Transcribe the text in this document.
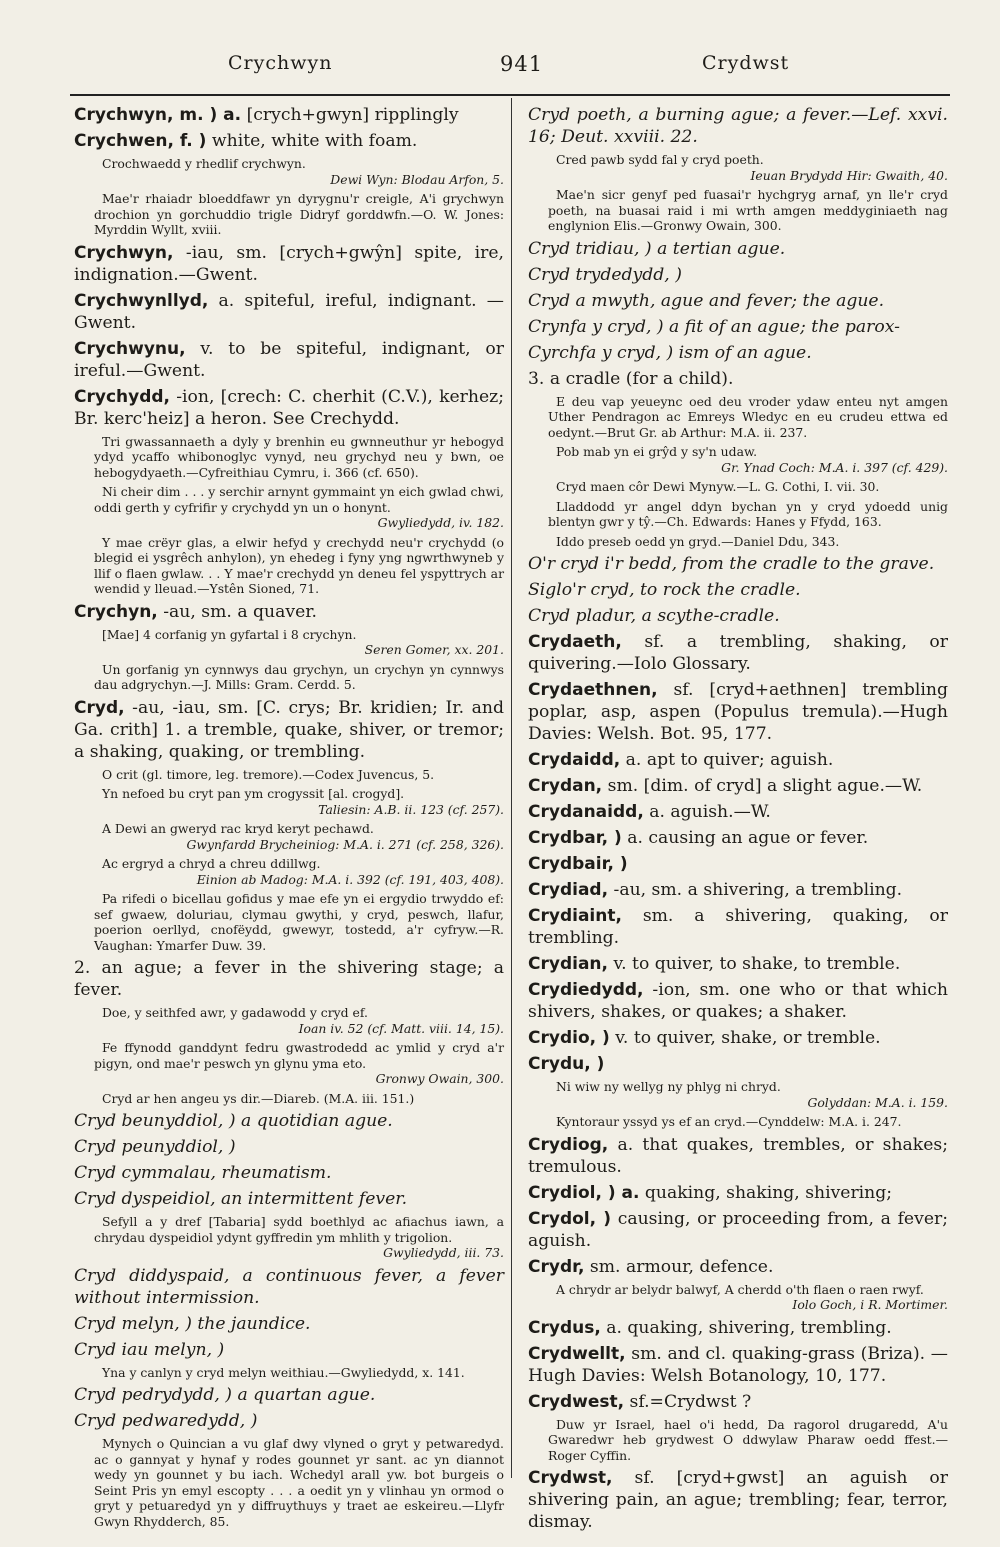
Crychwyn	941	Crydwst
Crychwyn, m. ) a. [crych+gwyn] ripplingly
Crychwen, f. ) white, white with foam.
Crochwaedd y rhedlif crychwyn.
Dewi Wyn: Blodau Arfon, 5.
Mae'r rhaiadr bloeddfawr yn dyrygnu'r creigle, A'i grychwyn drochion yn gorchuddio trigle Didryf gorddwfn.—O. W. Jones: Myrddin Wyllt, xviii.
Crychwyn, -iau, sm. [crych+gwŷn] spite, ire, indignation.—Gwent.
Crychwynllyd, a. spiteful, ireful, indignant. —Gwent.
Crychwynu, v. to be spiteful, indignant, or ireful.—Gwent.
Crychydd, -ion, [crech: C. cherhit (C.V.), kerhez; Br. kerc'heiz] a heron. See Crechydd.
Tri gwassannaeth a dyly y brenhin eu gwnneuthur yr hebogyd ydyd ycaffo whibonoglyc vynyd, neu grychyd neu y bwn, oe hebogydyaeth.—Cyfreithiau Cymru, i. 366 (cf. 650).
Ni cheir dim . . . y serchir arnynt gymmaint yn eich gwlad chwi, oddi gerth y cyfrifir y crychydd yn un o honynt.
Gwyliedydd, iv. 182.
Y mae crëyr glas, a elwir hefyd y crechydd neu'r crychydd (o blegid ei ysgrêch anhylon), yn ehedeg i fyny yng ngwrthwyneb y llif o flaen gwlaw. . . Y mae'r crechydd yn deneu fel yspyttrych ar wendid y lleuad.—Ystên Sioned, 71.
Crychyn, -au, sm. a quaver.
[Mae] 4 corfanig yn gyfartal i 8 crychyn.
Seren Gomer, xx. 201.
Un gorfanig yn cynnwys dau grychyn, un crychyn yn cynnwys dau adgrychyn.—J. Mills: Gram. Cerdd. 5.
Cryd, -au, -iau, sm. [C. crys; Br. kridien; Ir. and Ga. crith] 1. a tremble, quake, shiver, or tremor; a shaking, quaking, or trembling.
O crit (gl. timore, leg. tremore).—Codex Juvencus, 5.
Yn nefoed bu cryt pan ym crogyssit [al. crogyd].
Taliesin: A.B. ii. 123 (cf. 257).
A Dewi an gweryd rac kryd keryt pechawd.
Gwynfardd Brycheiniog: M.A. i. 271 (cf. 258, 326).
Ac ergryd a chryd a chreu ddillwg.
Einion ab Madog: M.A. i. 392 (cf. 191, 403, 408).
Pa rifedi o bicellau gofidus y mae efe yn ei ergydio trwyddo ef: sef gwaew, doluriau, clymau gwythi, y cryd, peswch, llafur, poerion oerllyd, cnofëydd, gwewyr, tostedd, a'r cyfryw.—R. Vaughan: Ymarfer Duw. 39.
2. an ague; a fever in the shivering stage; a fever.
Doe, y seithfed awr, y gadawodd y cryd ef.
Ioan iv. 52 (cf. Matt. viii. 14, 15).
Fe ffynodd ganddynt fedru gwastrodedd ac ymlid y cryd a'r pigyn, ond mae'r peswch yn glynu yma eto.
Gronwy Owain, 300.
Cryd ar hen angeu ys dir.—Diareb. (M.A. iii. 151.)
Cryd beunyddiol, ) a quotidian ague.
Cryd peunyddiol, )
Cryd cymmalau, rheumatism.
Cryd dyspeidiol, an intermittent fever.
Sefyll a y dref [Tabaria] sydd boethlyd ac afiachus iawn, a chrydau dyspeidiol ydynt gyffredin ym mhlith y trigolion.
Gwyliedydd, iii. 73.
Cryd diddyspaid, a continuous fever, a fever without intermission.
Cryd melyn, ) the jaundice.
Cryd iau melyn, )
Yna y canlyn y cryd melyn weithiau.—Gwyliedydd, x. 141.
Cryd pedrydydd, ) a quartan ague.
Cryd pedwaredydd, )
Mynych o Quincian a vu glaf dwy vlyned o gryt y petwaredyd. ac o gannyat y hynaf y rodes gounnet yr sant. ac yn diannot wedy yn gounnet y bu iach. Wchedyl arall yw. bot burgeis o Seint Pris yn emyl escopty . . . a oedit yn y vlinhau yn ormod o gryt y petuaredyd yn y diffruythuys y traet ae eskeireu.—Llyfr Gwyn Rhydderch, 85.
Cryd poeth, a burning ague; a fever.—Lef. xxvi. 16; Deut. xxviii. 22.
Cred pawb sydd fal y cryd poeth.
Ieuan Brydydd Hir: Gwaith, 40.
Mae'n sicr genyf ped fuasai'r hychgryg arnaf, yn lle'r cryd poeth, na buasai raid i mi wrth amgen meddyginiaeth nag englynion Elis.—Gronwy Owain, 300.
Cryd tridiau, ) a tertian ague.
Cryd trydedydd, )
Cryd a mwyth, ague and fever; the ague.
Crynfa y cryd, ) a fit of an ague; the parox-
Cyrchfa y cryd, ) ism of an ague.
3. a cradle (for a child).
E deu vap yeueync oed deu vroder ydaw enteu nyt amgen Uther Pendragon ac Emreys Wledyc en eu crudeu ettwa ed oedynt.—Brut Gr. ab Arthur: M.A. ii. 237.
Pob mab yn ei grŷd y sy'n udaw.
Gr. Ynad Coch: M.A. i. 397 (cf. 429).
Cryd maen côr Dewi Mynyw.—L. G. Cothi, I. vii. 30.
Lladdodd yr angel ddyn bychan yn y cryd ydoedd unig blentyn gwr y tŷ.—Ch. Edwards: Hanes y Ffydd, 163.
Iddo preseb oedd yn gryd.—Daniel Ddu, 343.
O'r cryd i'r bedd, from the cradle to the grave.
Siglo'r cryd, to rock the cradle.
Cryd pladur, a scythe-cradle.
Crydaeth, sf. a trembling, shaking, or quivering.—Iolo Glossary.
Crydaethnen, sf. [cryd+aethnen] trembling poplar, asp, aspen (Populus tremula).—Hugh Davies: Welsh. Bot. 95, 177.
Crydaidd, a. apt to quiver; aguish.
Crydan, sm. [dim. of cryd] a slight ague.—W.
Crydanaidd, a. aguish.—W.
Crydbar, ) a. causing an ague or fever.
Crydbair, )
Crydiad, -au, sm. a shivering, a trembling.
Crydiaint, sm. a shivering, quaking, or trembling.
Crydian, v. to quiver, to shake, to tremble.
Crydiedydd, -ion, sm. one who or that which shivers, shakes, or quakes; a shaker.
Crydio, ) v. to quiver, shake, or tremble.
Crydu, )
Ni wiw ny wellyg ny phlyg ni chryd.
Golyddan: M.A. i. 159.
Kyntoraur yssyd ys ef an cryd.—Cynddelw: M.A. i. 247.
Crydiog, a. that quakes, trembles, or shakes; tremulous.
Crydiol, ) a. quaking, shaking, shivering;
Crydol, ) causing, or proceeding from, a fever; aguish.
Crydr, sm. armour, defence.
A chrydr ar belydr balwyf, A cherdd o'th flaen o raen rwyf.
Iolo Goch, i R. Mortimer.
Crydus, a. quaking, shivering, trembling.
Crydwellt, sm. and cl. quaking-grass (Briza). —Hugh Davies: Welsh Botanology, 10, 177.
Crydwest, sf.=Crydwst ?
Duw yr Israel, hael o'i hedd, Da ragorol drugaredd, A'u Gwaredwr heb grydwest O ddwylaw Pharaw oedd ffest.—Roger Cyffin.
Crydwst, sf. [cryd+gwst] an aguish or shivering pain, an ague; trembling; fear, terror, dismay.
